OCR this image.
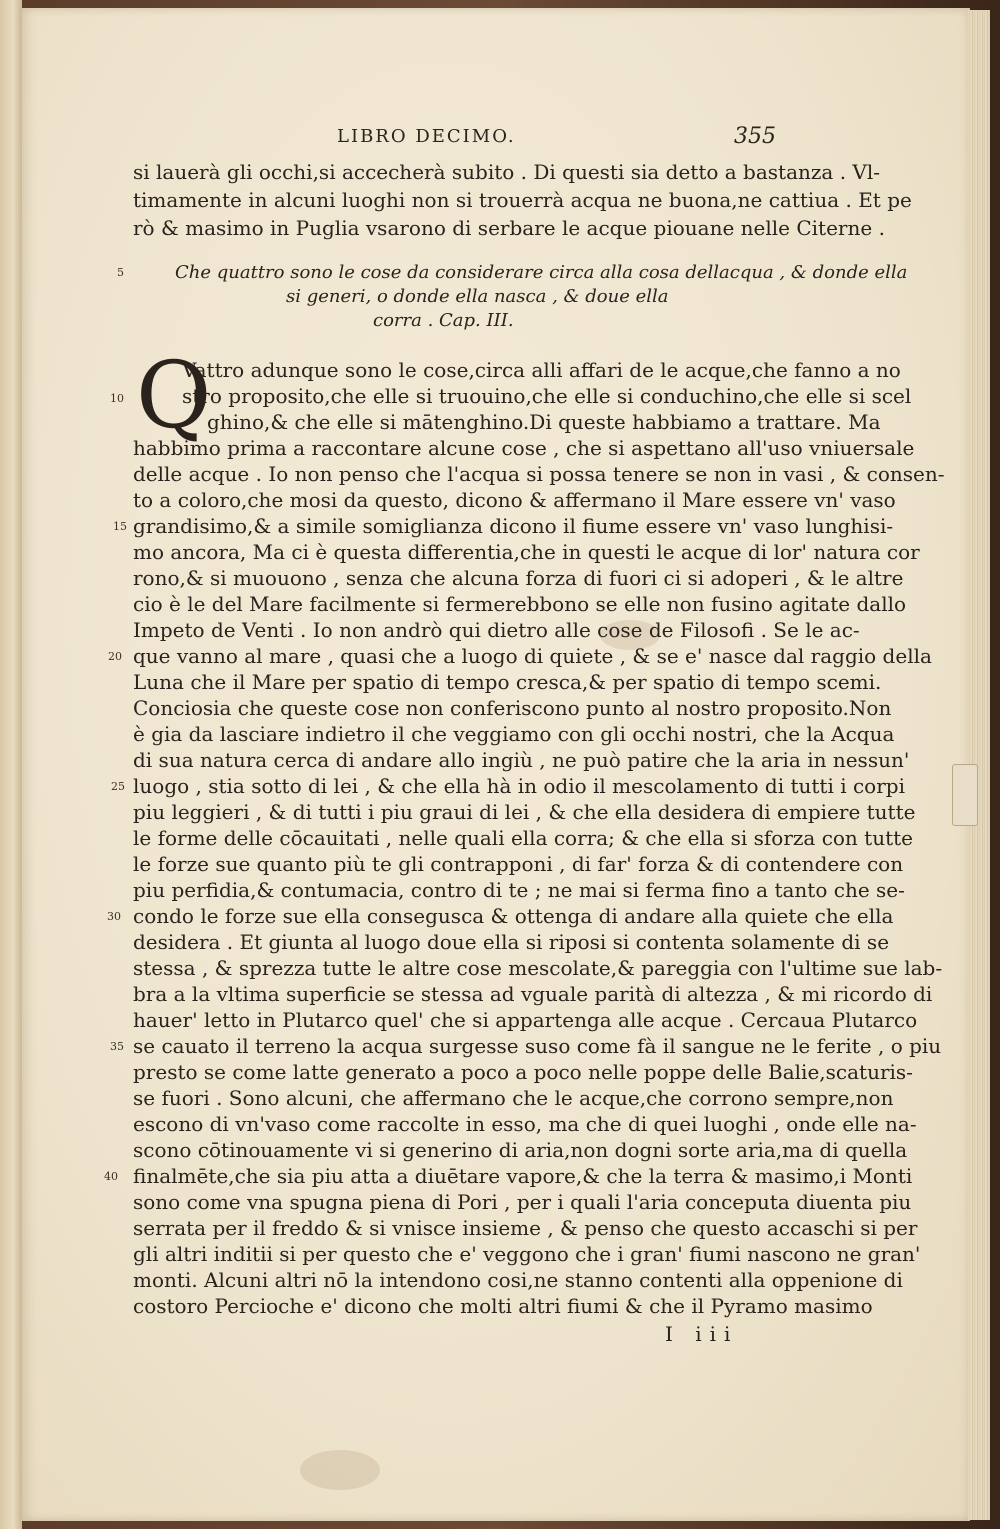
LIBRO DECIMO.	355
si lauerà gli occhi,si accecherà subito . Di questi sia detto a bastanza . Vl-
timamente in alcuni luoghi non si trouerrà acqua ne buona,ne cattiua . Et pe
rò & masimo in Puglia vsarono di serbare le acque piouane nelle Citerne .
Che quattro sono le cose da considerare circa alla cosa dellacqua , & donde ella
si generi, o donde ella nasca , & doue ella
corra . Cap. III.
Q
Vattro adunque sono le cose,circa alli affari de le acque,che fanno a no
stro proposito,che elle si truouino,che elle si conduchino,che elle si scel
ghino,& che elle si mātenghino.Di queste habbiamo a trattare. Ma
habbimo prima a raccontare alcune cose , che si aspettano all'uso vniuersale
delle acque . Io non penso che l'acqua si possa tenere se non in vasi , & consen-
to a coloro,che mosi da questo, dicono & affermano il Mare essere vn' vaso
grandisimo,& a simile somiglianza dicono il fiume essere vn' vaso lunghisi-
mo ancora, Ma ci è questa differentia,che in questi le acque di lor' natura cor
rono,& si muouono , senza che alcuna forza di fuori ci si adoperi , & le altre
cio è le del Mare facilmente si fermerebbono se elle non fusino agitate dallo
Impeto de Venti . Io non andrò qui dietro alle cose de Filosofi . Se le ac-
que vanno al mare , quasi che a luogo di quiete , & se e' nasce dal raggio della
Luna che il Mare per spatio di tempo cresca,& per spatio di tempo scemi.
Conciosia che queste cose non conferiscono punto al nostro proposito.Non
è gia da lasciare indietro il che veggiamo con gli occhi nostri, che la Acqua
di sua natura cerca di andare allo ingiù , ne può patire che la aria in nessun'
luogo , stia sotto di lei , & che ella hà in odio il mescolamento di tutti i corpi
piu leggieri , & di tutti i piu graui di lei , & che ella desidera di empiere tutte
le forme delle cōcauitati , nelle quali ella corra; & che ella si sforza con tutte
le forze sue quanto più te gli contrapponi , di far' forza & di contendere con
piu perfidia,& contumacia, contro di te ; ne mai si ferma fino a tanto che se-
condo le forze sue ella consegusca & ottenga di andare alla quiete che ella
desidera . Et giunta al luogo doue ella si riposi si contenta solamente di se
stessa , & sprezza tutte le altre cose mescolate,& pareggia con l'ultime sue lab-
bra a la vltima superficie se stessa ad vguale parità di altezza , & mi ricordo di
hauer' letto in Plutarco quel' che si appartenga alle acque . Cercaua Plutarco
se cauato il terreno la acqua surgesse suso come fà il sangue ne le ferite , o piu
presto se come latte generato a poco a poco nelle poppe delle Balie,scaturis-
se fuori . Sono alcuni, che affermano che le acque,che corrono sempre,non
escono di vn'vaso come raccolte in esso, ma che di quei luoghi , onde elle na-
scono cōtinouamente vi si generino di aria,non dogni sorte aria,ma di quella
finalmēte,che sia piu atta a diuētare vapore,& che la terra & masimo,i Monti
sono come vna spugna piena di Pori , per i quali l'aria conceputa diuenta piu
serrata per il freddo & si vnisce insieme , & penso che questo accaschi si per
gli altri inditii si per questo che e' veggono che i gran' fiumi nascono ne gran'
monti. Alcuni altri nō la intendono cosi,ne stanno contenti alla oppenione di
costoro Percioche e' dicono che molti altri fiumi & che il Pyramo masimo
I iii
5
10
15
20
25
30
35
40
